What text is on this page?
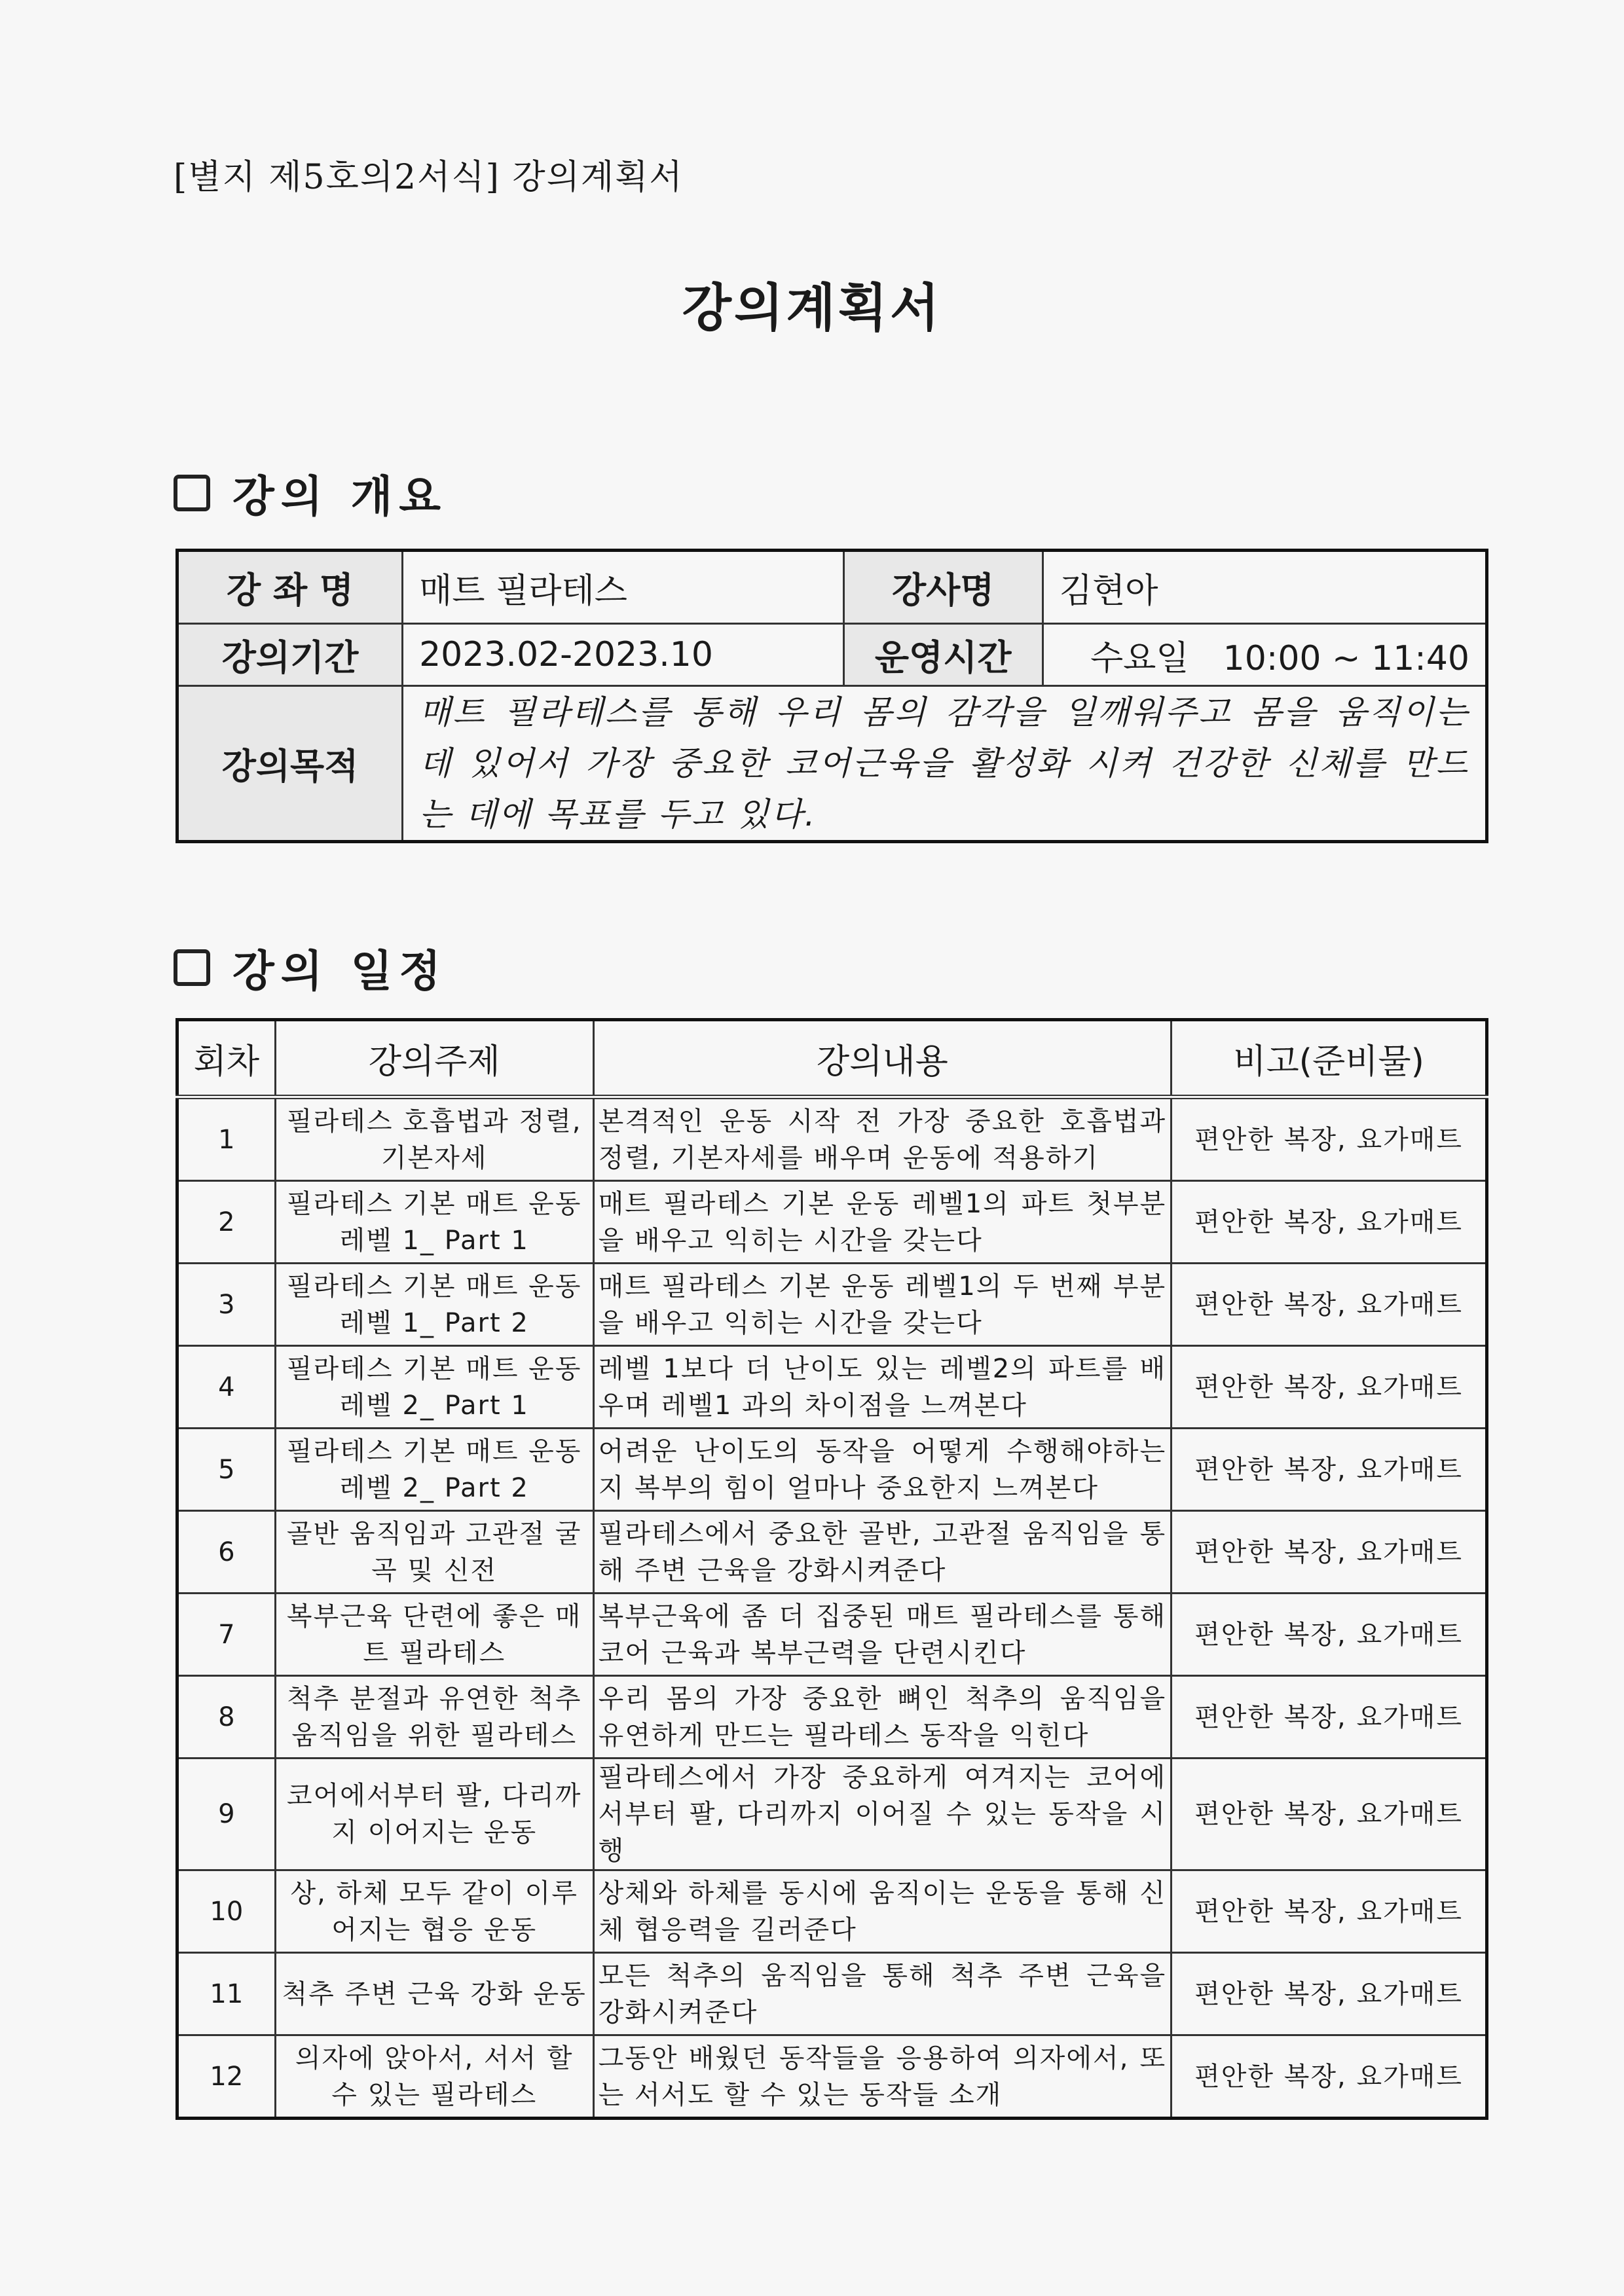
[별지 제5호의2서식] 강의계획서
강의계획서
강의 개요
강 좌 명	매트 필라테스	강사명	김현아
강의기간	2023.02-2023.10	운영시간	수요일　10:00 ~ 11:40
강의목적	매트 필라테스를 통해 우리 몸의 감각을 일깨워주고 몸을 움직이는 데 있어서 가장 중요한 코어근육을 활성화 시켜 건강한 신체를 만드는 데에 목표를 두고 있다.		
강의 일정
회차	강의주제	강의내용	비고(준비물)
1	필라테스 호흡법과 정렬, 기본자세	본격적인 운동 시작 전 가장 중요한 호흡법과 정렬, 기본자세를 배우며 운동에 적용하기	편안한 복장, 요가매트
2	필라테스 기본 매트 운동 레벨 1_ Part 1	매트 필라테스 기본 운동 레벨1의 파트 첫부분을 배우고 익히는 시간을 갖는다	편안한 복장, 요가매트
3	필라테스 기본 매트 운동 레벨 1_ Part 2	매트 필라테스 기본 운동 레벨1의 두 번째 부분을 배우고 익히는 시간을 갖는다	편안한 복장, 요가매트
4	필라테스 기본 매트 운동 레벨 2_ Part 1	레벨 1보다 더 난이도 있는 레벨2의 파트를 배우며 레벨1 과의 차이점을 느껴본다	편안한 복장, 요가매트
5	필라테스 기본 매트 운동 레벨 2_ Part 2	어려운 난이도의 동작을 어떻게 수행해야하는지 복부의 힘이 얼마나 중요한지 느껴본다	편안한 복장, 요가매트
6	골반 움직임과 고관절 굴곡 및 신전	필라테스에서 중요한 골반, 고관절 움직임을 통해 주변 근육을 강화시켜준다	편안한 복장, 요가매트
7	복부근육 단련에 좋은 매트 필라테스	복부근육에 좀 더 집중된 매트 필라테스를 통해 코어 근육과 복부근력을 단련시킨다	편안한 복장, 요가매트
8	척추 분절과 유연한 척추 움직임을 위한 필라테스	우리 몸의 가장 중요한 뼈인 척추의 움직임을 유연하게 만드는 필라테스 동작을 익힌다	편안한 복장, 요가매트
9	코어에서부터 팔, 다리까지 이어지는 운동	필라테스에서 가장 중요하게 여겨지는 코어에서부터 팔, 다리까지 이어질 수 있는 동작을 시행	편안한 복장, 요가매트
10	상, 하체 모두 같이 이루어지는 협응 운동	상체와 하체를 동시에 움직이는 운동을 통해 신체 협응력을 길러준다	편안한 복장, 요가매트
11	척추 주변 근육 강화 운동	모든 척추의 움직임을 통해 척추 주변 근육을 강화시켜준다	편안한 복장, 요가매트
12	의자에 앉아서, 서서 할 수 있는 필라테스	그동안 배웠던 동작들을 응용하여 의자에서, 또는 서서도 할 수 있는 동작들 소개	편안한 복장, 요가매트
